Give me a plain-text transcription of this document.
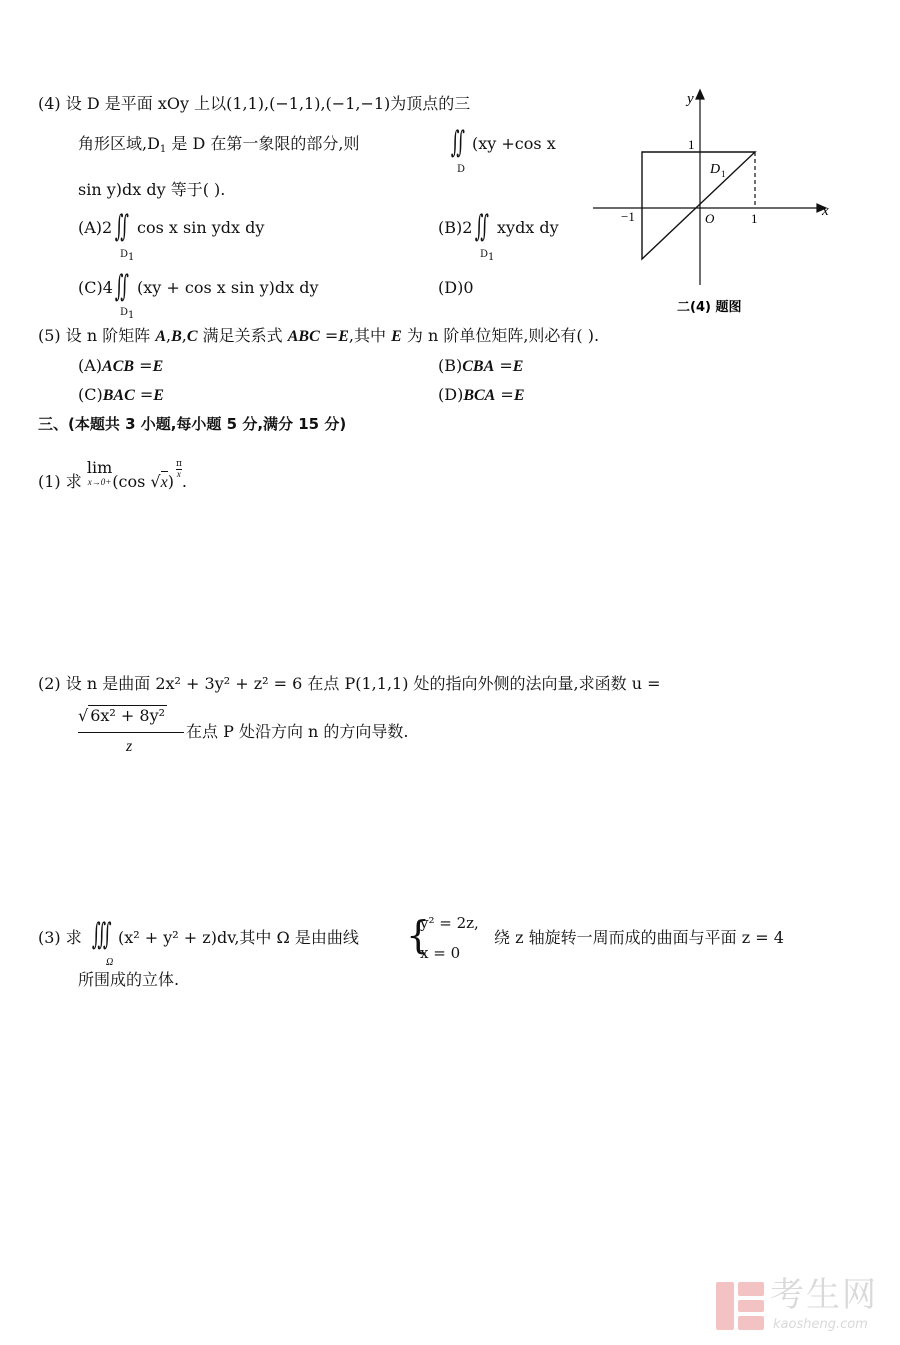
(4) 设 D 是平面 xOy 上以(1,1),(−1,1),(−1,−1)为顶点的三
角形区域$,D_1$ 是 D 在第一象限的部分,则	∬
D
(xy +cos x
sin y)dx dy 等于( ).
(A)2 ∬
D1
cos x sin ydx dy	(B)2 ∬
D1
xydx dy
(C)4 ∬
D1
(xy + cos x sin y)dx dy	(D)0
y
x
1
−1	O	1
D 1
二(4) 题图
(5) 设 n 阶矩阵 A,B,C 满足关系式 ABC =E,其中 E 为 n 阶单位矩阵,则必有( ).
(A)ACB =E	(B)CBA =E
(C)BAC =E	(D)BCA =E
三、(本题共 3 小题,每小题 5 分,满分 15 分)
(1) 求 lim
x→0+ (cos √x)
$\frac{\pi}{x}$
.
(2) 设 n 是曲面 2x² + 3y² + z² = 6 在点 P(1,1,1) 处的指向外侧的法向量,求函数 u =
√ 6x² + 8y²
z
在点 P 处沿方向 n 的方向导数.
(3) 求 ∭
Ω
(x² + y² + z)dv,其中 Ω 是由曲线 {
y² = 2z,
x = 0
绕 z 轴旋转一周而成的曲面与平面 z = 4
所围成的立体.
考生网
kaosheng.com
